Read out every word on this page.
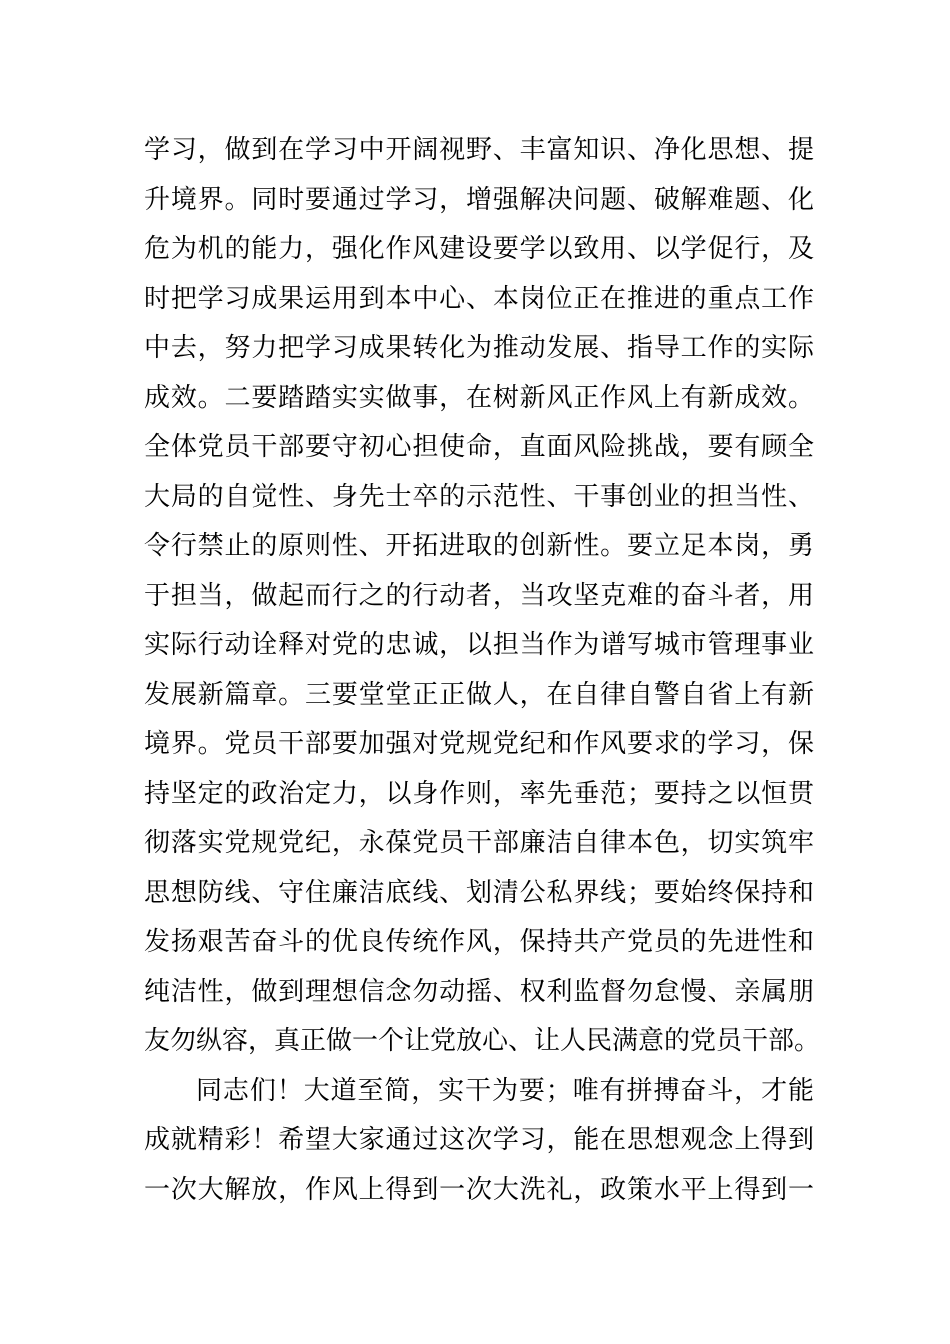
学习，做到在学习中开阔视野、丰富知识、净化思想、提
升境界。同时要通过学习，增强解决问题、破解难题、化
危为机的能力，强化作风建设要学以致用、以学促行，及
时把学习成果运用到本中心、本岗位正在推进的重点工作
中去，努力把学习成果转化为推动发展、指导工作的实际
成效。二要踏踏实实做事，在树新风正作风上有新成效。
全体党员干部要守初心担使命，直面风险挑战，要有顾全
大局的自觉性、身先士卒的示范性、干事创业的担当性、
令行禁止的原则性、开拓进取的创新性。要立足本岗，勇
于担当，做起而行之的行动者，当攻坚克难的奋斗者，用
实际行动诠释对党的忠诚，以担当作为谱写城市管理事业
发展新篇章。三要堂堂正正做人，在自律自警自省上有新
境界。党员干部要加强对党规党纪和作风要求的学习，保
持坚定的政治定力，以身作则，率先垂范；要持之以恒贯
彻落实党规党纪，永葆党员干部廉洁自律本色，切实筑牢
思想防线、守住廉洁底线、划清公私界线；要始终保持和
发扬艰苦奋斗的优良传统作风，保持共产党员的先进性和
纯洁性，做到理想信念勿动摇、权利监督勿怠慢、亲属朋
友勿纵容，真正做一个让党放心、让人民满意的党员干部。
同志们！大道至简，实干为要；唯有拼搏奋斗，才能
成就精彩！希望大家通过这次学习，能在思想观念上得到
一次大解放，作风上得到一次大洗礼，政策水平上得到一
